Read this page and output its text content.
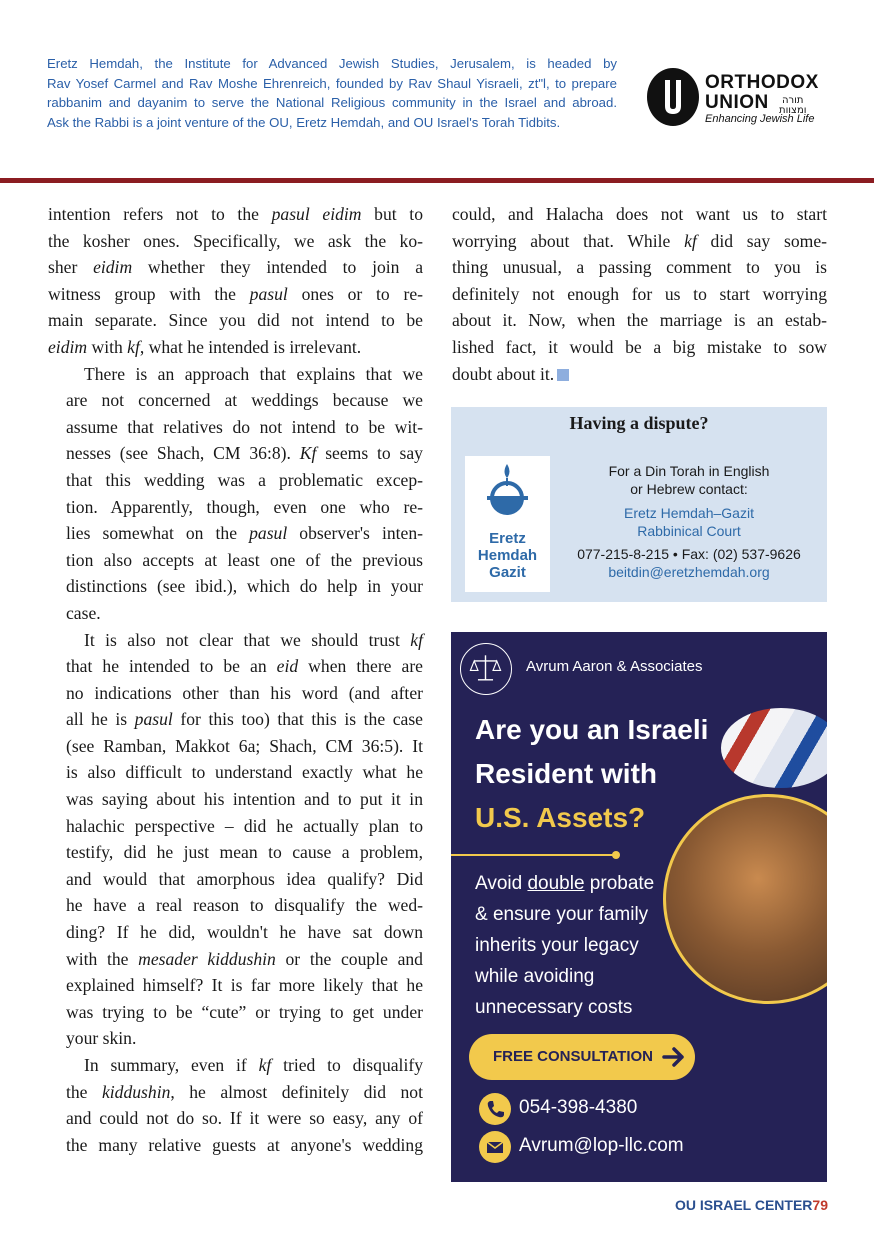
Eretz Hemdah, the Institute for Advanced Jewish Studies, Jerusalem, is headed by
Rav Yosef Carmel and Rav Moshe Ehrenreich, founded by Rav Shaul Yisraeli, zt"l, to prepare
rabbanim and dayanim to serve the National Religious community in the Israel and abroad.
Ask the Rabbi is a joint venture of the OU, Eretz Hemdah, and OU Israel's Torah Tidbits.
ORTHODOX
UNION	תורה
ומצוות
Enhancing Jewish Life

intention refers not to the pasul eidim but to
the kosher ones. Specifically, we ask the ko-
sher eidim whether they intended to join a
witness group with the pasul ones or to re-
main separate. Since you did not intend to be
eidim with kf, what he intended is irrelevant.

There is an approach that explains that we
are not concerned at weddings because we
assume that relatives do not intend to be wit-
nesses (see Shach, CM 36:8). Kf seems to say
that this wedding was a problematic excep-
tion. Apparently, though, even one who re-
lies somewhat on the pasul observer's inten-
tion also accepts at least one of the previous
distinctions (see ibid.), which do help in your
case.

It is also not clear that we should trust kf
that he intended to be an eid when there are
no indications other than his word (and after
all he is pasul for this too) that this is the case
(see Ramban, Makkot 6a; Shach, CM 36:5). It
is also difficult to understand exactly what he
was saying about his intention and to put it in
halachic perspective – did he actually plan to
testify, did he just mean to cause a problem,
and would that amorphous idea qualify? Did
he have a real reason to disqualify the wed-
ding? If he did, wouldn't he have sat down
with the mesader kiddushin or the couple and
explained himself? It is far more likely that he
was trying to be “cute” or trying to get under
your skin.

In summary, even if kf tried to disqualify
the kiddushin, he almost definitely did not
and could not do so. If it were so easy, any of
the many relative guests at anyone's wedding

could, and Halacha does not want us to start
worrying about that. While kf did say some-
thing unusual, a passing comment to you is
definitely not enough for us to start worrying
about it. Now, when the marriage is an estab-
lished fact, it would be a big mistake to sow
doubt about it.

Having a dispute?
Eretz
Hemdah
Gazit
For a Din Torah in English
or Hebrew contact:
Eretz Hemdah–Gazit
Rabbinical Court
077-215-8-215 • Fax: (02) 537-9626
beitdin@eretzhemdah.org
Avrum Aaron & Associates
Are you an Israeli
Resident with
U.S. Assets?
Avoid double probate
& ensure your family
inherits your legacy
while avoiding
unnecessary costs
FREE CONSULTATION
054-398-4380
Avrum@lop-llc.com
OU ISRAEL CENTER79
